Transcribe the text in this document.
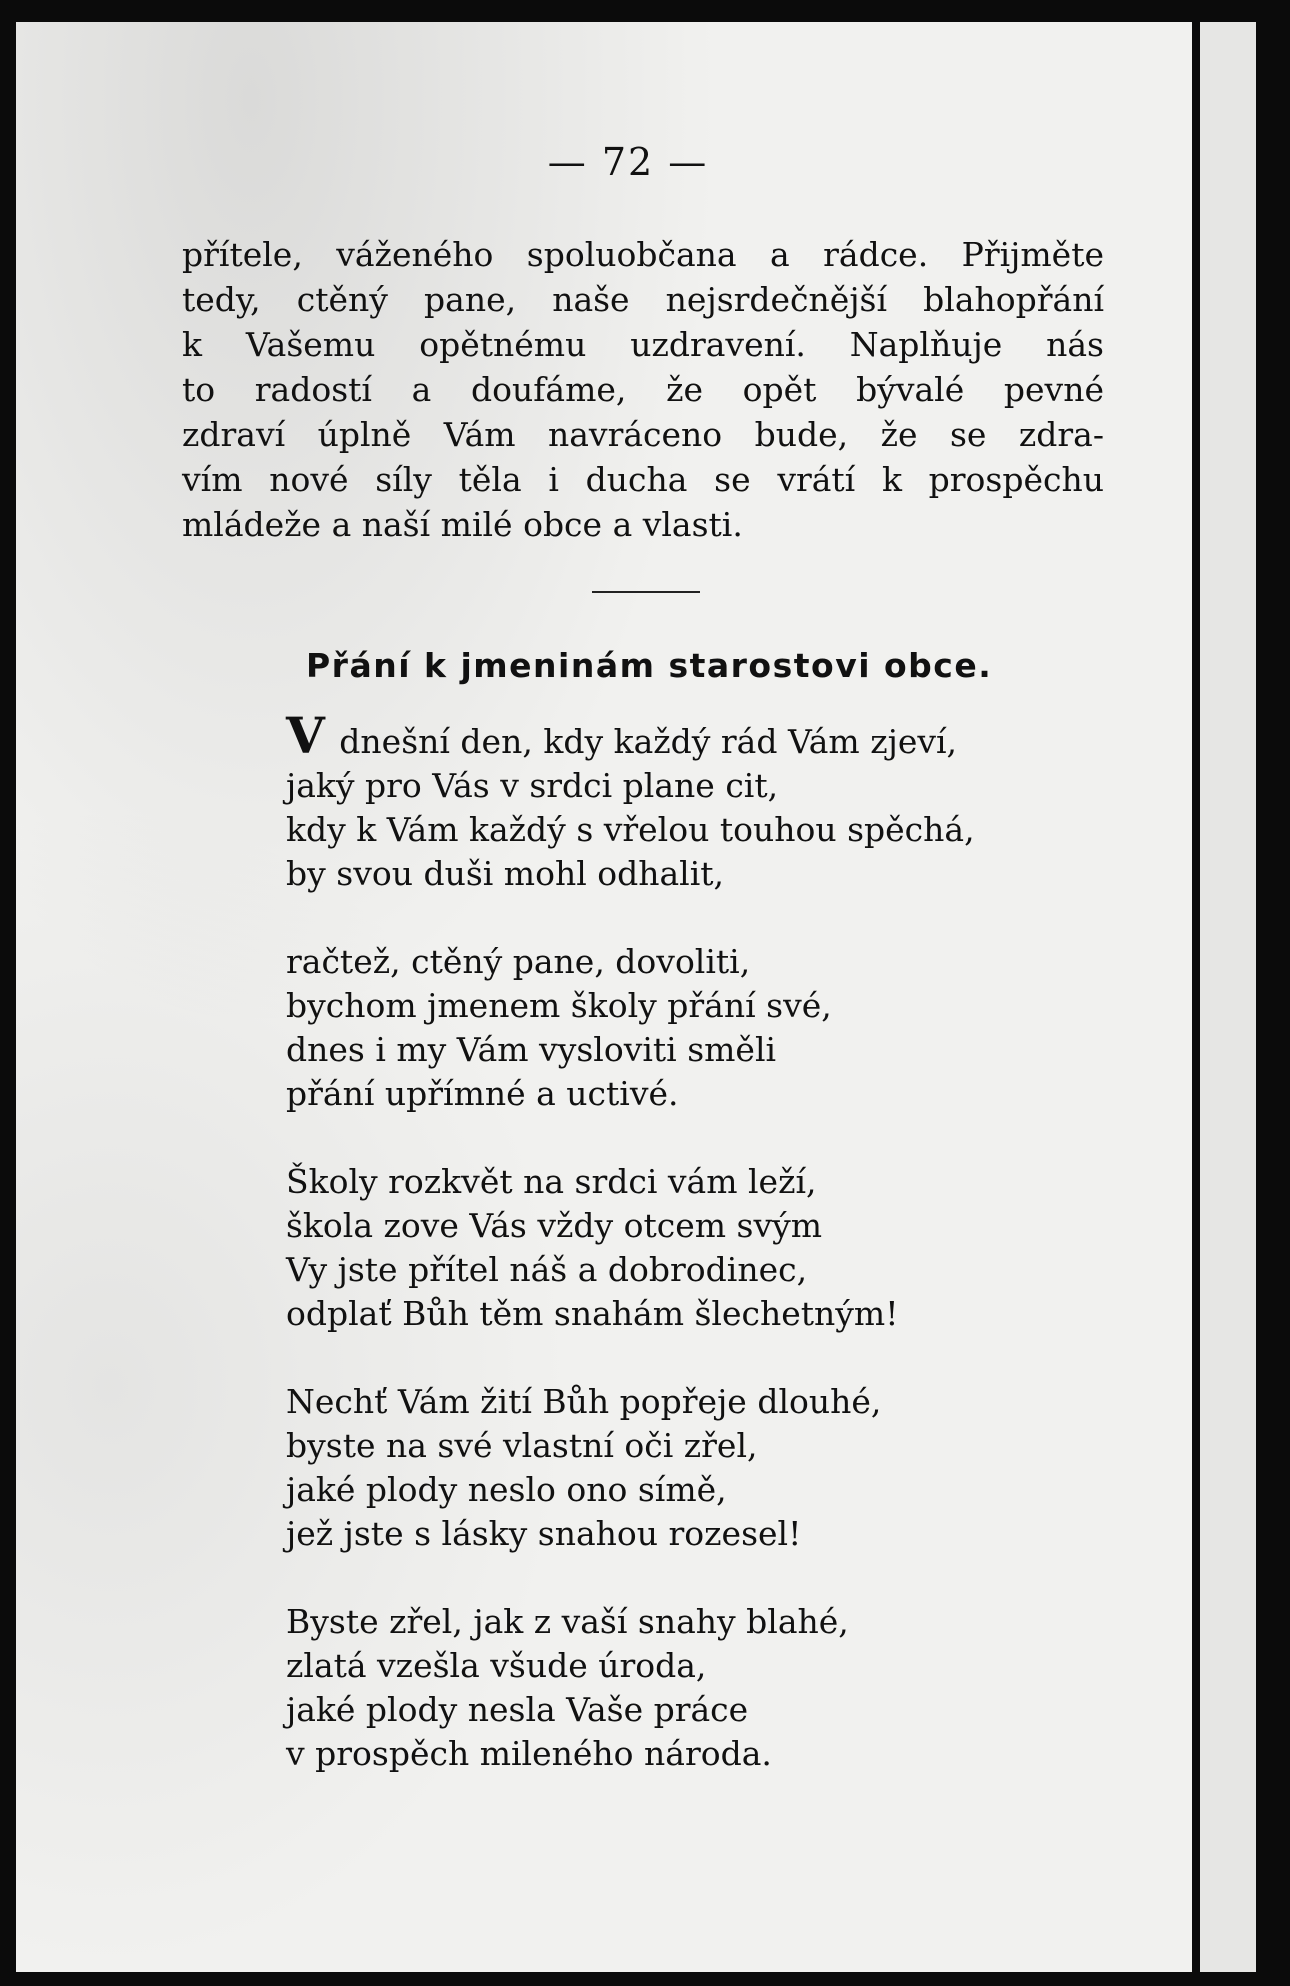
— 72 —
přítele, váženého spoluobčana a rádce. Přijměte
tedy, ctěný pane, naše nejsrdečnější blahopřání
k Vašemu opětnému uzdravení. Naplňuje nás
to radostí a doufáme, že opět bývalé pevné
zdraví úplně Vám navráceno bude, že se zdra-
vím nové síly těla i ducha se vrátí k prospěchu
mládeže a naší milé obce a vlasti.
Přání k jmeninám starostovi obce.
V dnešní den, kdy každý rád Vám zjeví,
jaký pro Vás v srdci plane cit,
kdy k Vám každý s vřelou touhou spěchá,
by svou duši mohl odhalit,
račtež, ctěný pane, dovoliti,
bychom jmenem školy přání své,
dnes i my Vám vysloviti směli
přání upřímné a uctivé.
Školy rozkvět na srdci vám leží,
škola zove Vás vždy otcem svým
Vy jste přítel náš a dobrodinec,
odplať Bůh těm snahám šlechetným!
Nechť Vám žití Bůh popřeje dlouhé,
byste na své vlastní oči zřel,
jaké plody neslo ono símě,
jež jste s lásky snahou rozesel!
Byste zřel, jak z vaší snahy blahé,
zlatá vzešla všude úroda,
jaké plody nesla Vaše práce
v prospěch mileného národa.
